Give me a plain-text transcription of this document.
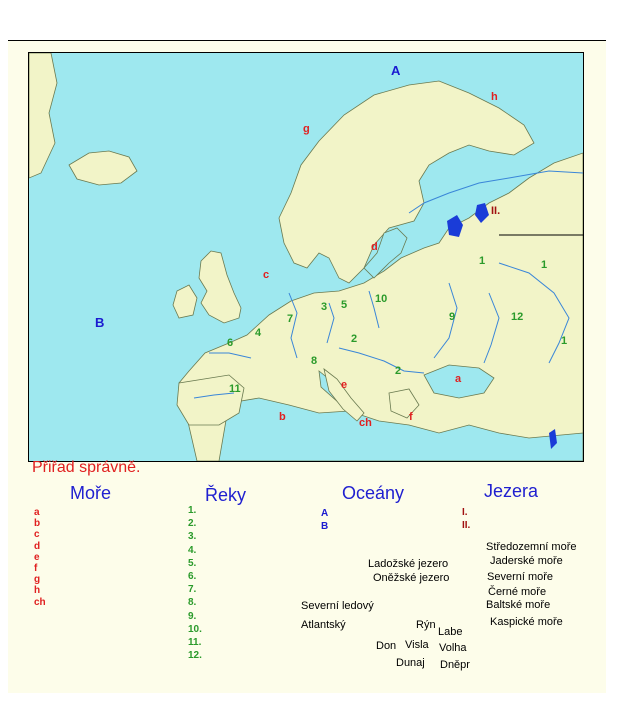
A
B
g
h
c
d
e	a
b	ch	f
II.
1	1
1
10
3 5
7
4
6	2
2
8
9	12
11
Přiřad správně.
Moře	Řeky	Oceány	Jezera
a
b
c
d
e
f
g
h
ch
1.
2.
3.
4.
5.
6.
7.
8.
9.
10.
11.
12.
A
B
I.
II.
Ladožské jezero
Oněžské jezero
Severní ledový
Atlantský	Rýn
Labe
Don Visla Volha
Dunaj Dněpr
Středozemní moře
Jaderské moře
Severní moře
Černé moře
Baltské moře
Kaspické moře
